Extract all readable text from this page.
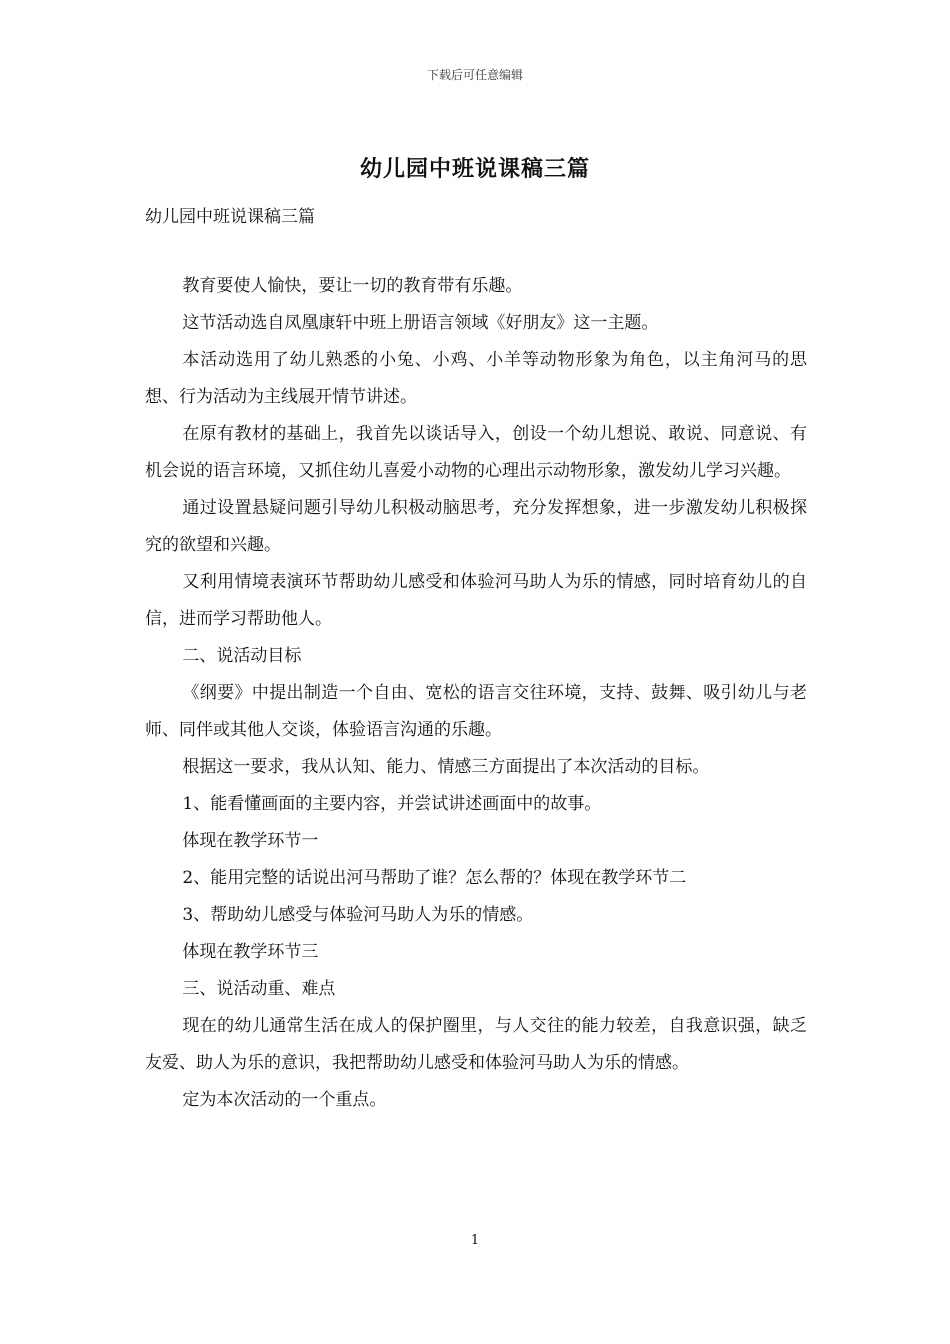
下载后可任意编辑
幼儿园中班说课稿三篇
幼儿园中班说课稿三篇

教育要使人愉快，要让一切的教育带有乐趣。

这节活动选自凤凰康轩中班上册语言领域《好朋友》这一主题。

本活动选用了幼儿熟悉的小兔、小鸡、小羊等动物形象为角色，以主角河马的思想、行为活动为主线展开情节讲述。

在原有教材的基础上，我首先以谈话导入，创设一个幼儿想说、敢说、同意说、有机会说的语言环境，又抓住幼儿喜爱小动物的心理出示动物形象，激发幼儿学习兴趣。

通过设置悬疑问题引导幼儿积极动脑思考，充分发挥想象，进一步激发幼儿积极探究的欲望和兴趣。

又利用情境表演环节帮助幼儿感受和体验河马助人为乐的情感，同时培育幼儿的自信，进而学习帮助他人。

二、说活动目标

《纲要》中提出制造一个自由、宽松的语言交往环境，支持、鼓舞、吸引幼儿与老师、同伴或其他人交谈，体验语言沟通的乐趣。

根据这一要求，我从认知、能力、情感三方面提出了本次活动的目标。

1、能看懂画面的主要内容，并尝试讲述画面中的故事。

体现在教学环节一

2、能用完整的话说出河马帮助了谁？怎么帮的？体现在教学环节二

3、帮助幼儿感受与体验河马助人为乐的情感。

体现在教学环节三

三、说活动重、难点

现在的幼儿通常生活在成人的保护圈里，与人交往的能力较差，自我意识强，缺乏友爱、助人为乐的意识，我把帮助幼儿感受和体验河马助人为乐的情感。

定为本次活动的一个重点。

1
